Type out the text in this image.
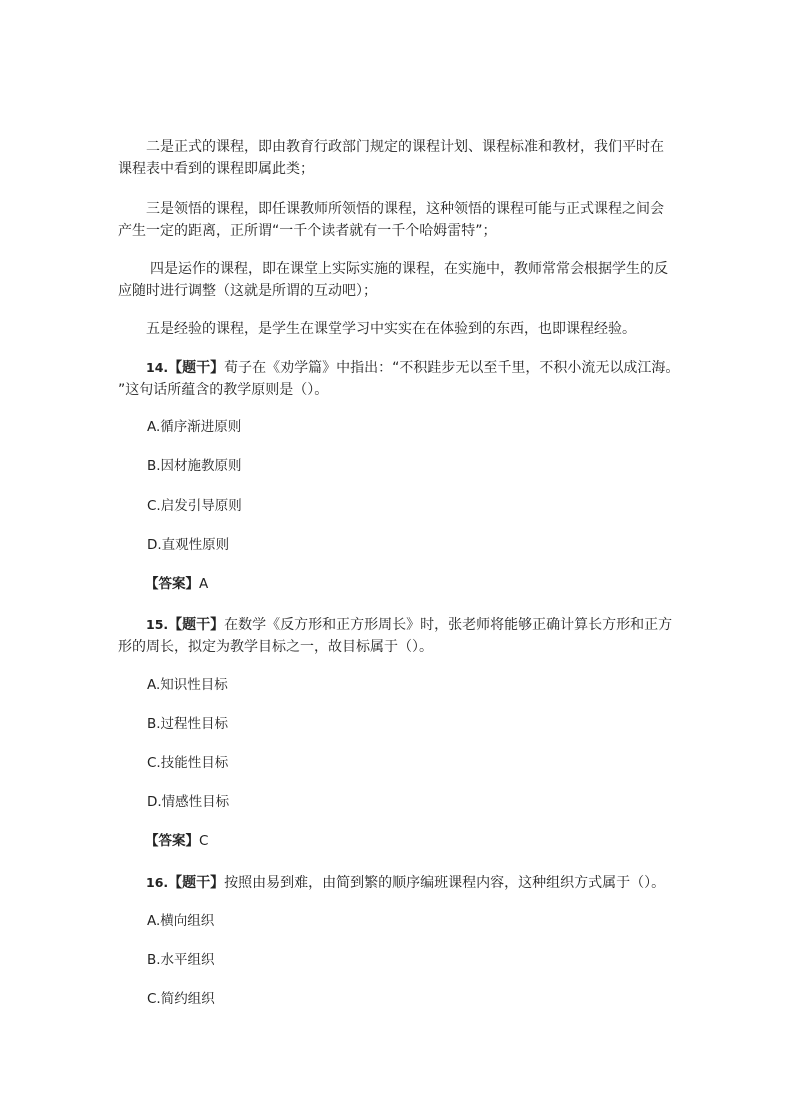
二是正式的课程，即由教育行政部门规定的课程计划、课程标准和教材，我们平时在
课程表中看到的课程即属此类；
三是领悟的课程，即任课教师所领悟的课程，这种领悟的课程可能与正式课程之间会
产生一定的距离，正所谓“一千个读者就有一千个哈姆雷特”；
四是运作的课程，即在课堂上实际实施的课程，在实施中，教师常常会根据学生的反
应随时进行调整（这就是所谓的互动吧）；
五是经验的课程，是学生在课堂学习中实实在在体验到的东西，也即课程经验。
14.【题干】荀子在《劝学篇》中指出：“不积跬步无以至千里，不积小流无以成江海。
”这句话所蕴含的教学原则是（）。
A.循序渐进原则
B.因材施教原则
C.启发引导原则
D.直观性原则
【答案】A
15.【题干】在数学《反方形和正方形周长》时，张老师将能够正确计算长方形和正方
形的周长，拟定为教学目标之一，故目标属于（）。
A.知识性目标
B.过程性目标
C.技能性目标
D.情感性目标
【答案】C
16.【题干】按照由易到难，由简到繁的顺序编班课程内容，这种组织方式属于（）。
A.横向组织
B.水平组织
C.简约组织
